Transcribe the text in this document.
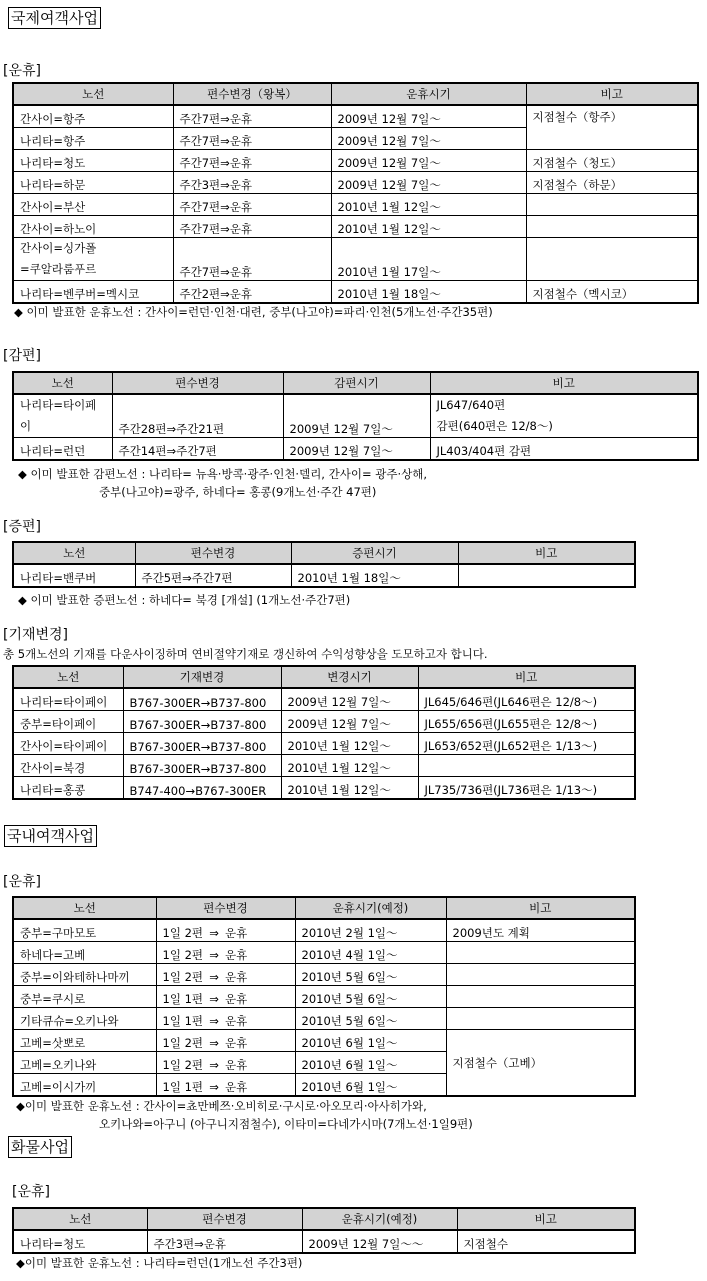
국제여객사업
[운휴]
노선	편수변경（왕복）	운휴시기	비고
간사이=항주	주간7편⇒운휴	2009년 12월 7일～	지점철수（항주）
나리타=항주	주간7편⇒운휴	2009년 12월 7일～	
나리타=청도	주간7편⇒운휴	2009년 12월 7일～	지점철수（청도）
나리타=하문	주간3편⇒운휴	2009년 12월 7일～	지점철수（하문）
간사이=부산	주간7편⇒운휴	2010년 1월 12일～	
간사이=하노이	주간7편⇒운휴	2010년 1월 12일～	

간사이=싱가폴
=쿠알라룸푸르	주간7편⇒운휴	2010년 1월 17일～	
나리타=벤쿠버=멕시코	주간2편⇒운휴	2010년 1월 18일～	지점철수（멕시코）
◆ 이미 발표한 운휴노선 : 간사이=런던·인천·대련, 중부(나고야)=파리·인천(5개노선·주간35편)
[감편]
노선	편수변경	감편시기	비고

나리타=타이페
이	주간28편⇒주간21편	2009년 12월 7일～	JL647/640편
감편(640편은 12/8～)

나리타=런던	주간14편⇒주간7편	2009년 12월 7일～	JL403/404편 감편
◆ 이미 발표한 감편노선 : 나리타= 뉴욕·방콕·광주·인천·델리, 간사이= 광주·상해,
중부(나고야)=광주, 하네다= 홍콩(9개노선·주간 47편)
[증편]
노선	편수변경	증편시기	비고
나리타=밴쿠버	주간5편⇒주간7편	2010년 1월 18일～	
◆ 이미 발표한 증편노선 : 하네다= 북경 [개설] (1개노선·주간7편)
[기재변경]
총 5개노선의 기재를 다운사이징하며 연비절약기재로 갱신하여 수익성향상을 도모하고자 합니다.
노선	기재변경	변경시기	비고
나리타=타이페이	B767-300ER→B737-800	2009년 12월 7일～	JL645/646편(JL646편은 12/8～)
중부=타이페이	B767-300ER→B737-800	2009년 12월 7일～	JL655/656편(JL655편은 12/8～)
간사이=타이페이	B767-300ER→B737-800	2010년 1월 12일～	JL653/652편(JL652편은 1/13～)
간사이=북경	B767-300ER→B737-800	2010년 1월 12일～	
나리타=홍콩	B747-400→B767-300ER	2010년 1월 12일～	JL735/736편(JL736편은 1/13～)
국내여객사업
[운휴]
노선	편수변경	운휴시기(예정)	비고
중부=구마모토	1일 2편 ⇒ 운휴	2010년 2월 1일～	2009년도 계획
하네다=고베	1일 2편 ⇒ 운휴	2010년 4월 1일～	
중부=이와테하나마끼	1일 2편 ⇒ 운휴	2010년 5월 6일～	
중부=쿠시로	1일 1편 ⇒ 운휴	2010년 5월 6일～	
기타큐슈=오키나와	1일 1편 ⇒ 운휴	2010년 5월 6일～	
고베=삿뽀로	1일 2편 ⇒ 운휴	2010년 6월 1일～	지점철수（고베）
고베=오키나와	1일 2편 ⇒ 운휴	2010년 6월 1일～	
고베=이시가끼	1일 1편 ⇒ 운휴	2010년 6월 1일～	
◆이미 발표한 운휴노선 : 간사이=쵸만베쯔·오비히로·구시로·아오모리·아사히가와,
오키나와=아구니 (아구니지점철수), 이타미=다네가시마(7개노선·1일9편)
화물사업
[운휴]
노선	편수변경	운휴시기(예정)	비고
나리타=청도	주간3편⇒운휴	2009년 12월 7일～～	지점철수
◆이미 발표한 운휴노선 : 나리타=런던(1개노선 주간3편)
